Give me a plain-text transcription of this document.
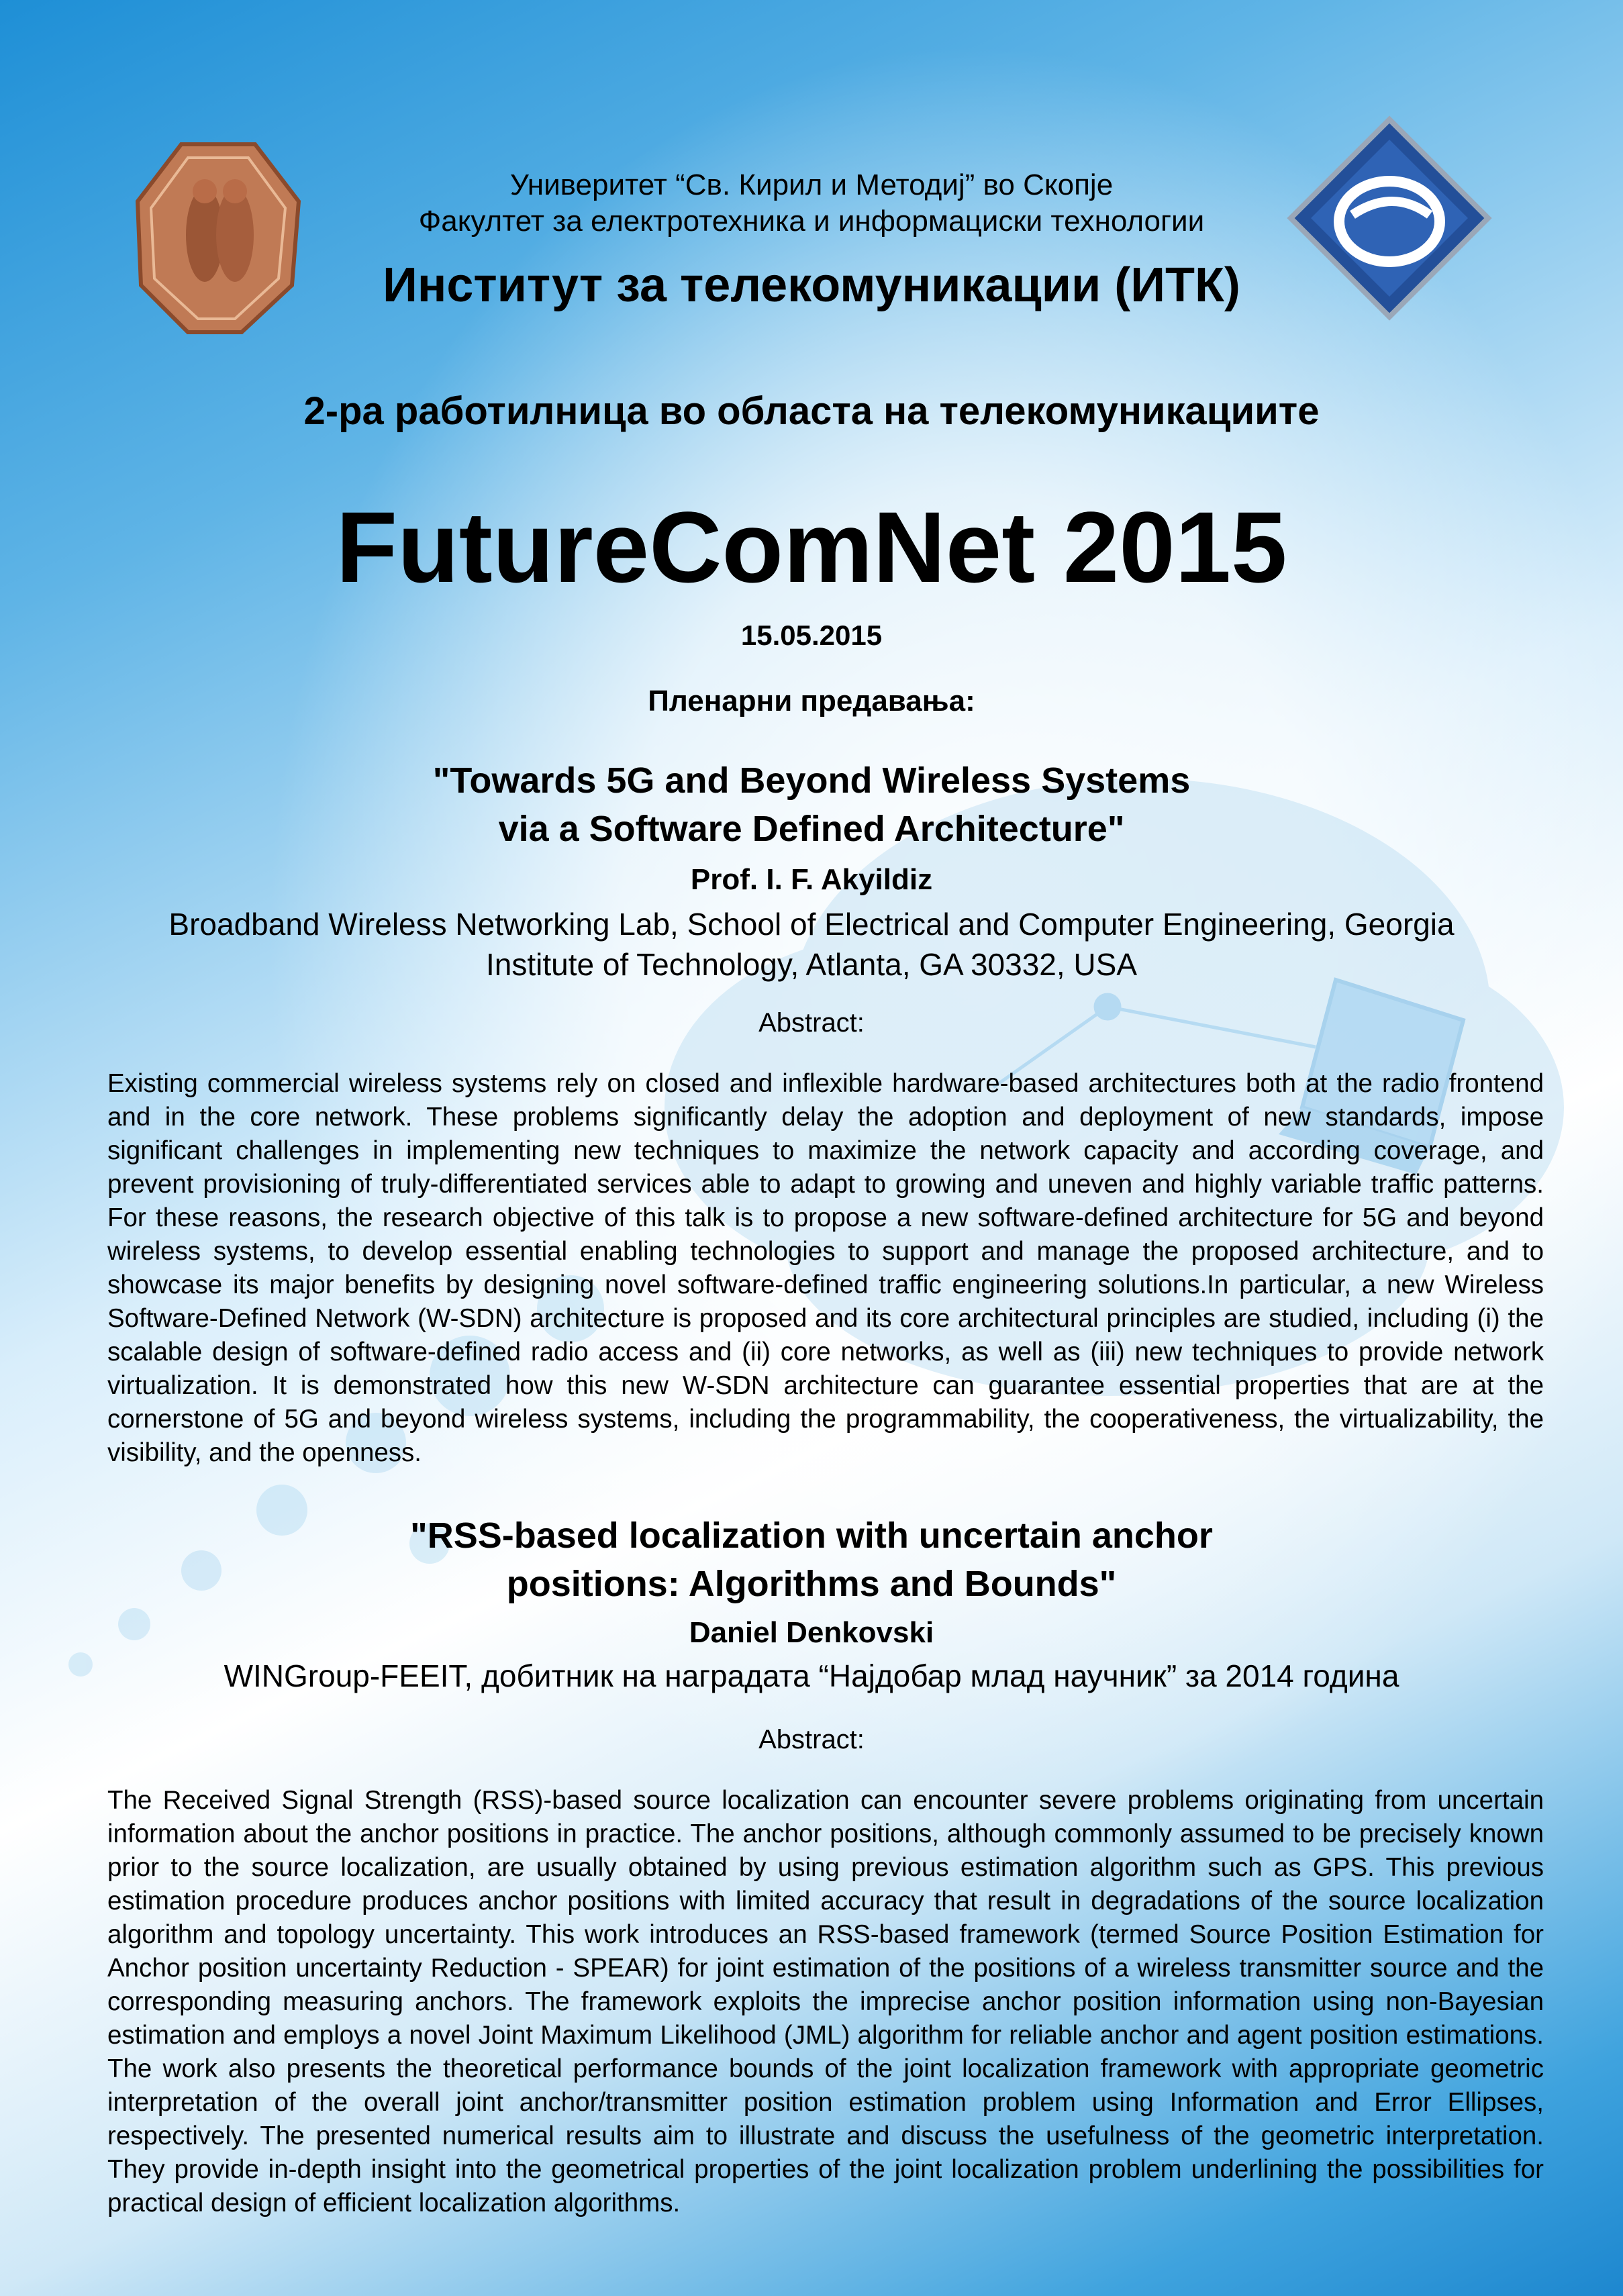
Универитет “Св. Кирил и Методиј” во Скопје
Факултет за електротехника и информациски технологии
Институт за телекомуникации (ИТК)
2-ра работилница во областа на телекомуникациите
FutureComNet 2015
15.05.2015
Пленарни предавања:
"Towards 5G and Beyond Wireless Systems
via a Software Defined Architecture"
Prof. I. F. Akyildiz
Broadband Wireless Networking Lab, School of Electrical and Computer Engineering, Georgia
Institute of Technology, Atlanta, GA 30332, USA
Abstract:
Existing commercial wireless systems rely on closed and inflexible hardware-based architectures both at the radio frontend and in the core network. These problems significantly delay the adoption and deployment of new standards, impose significant challenges in implementing new techniques to maximize the network capacity and according coverage, and prevent provisioning of truly-differentiated services able to adapt to growing and uneven and highly variable traffic patterns. For these reasons, the research objective of this talk is to propose a new software-defined architecture for 5G and beyond wireless systems, to develop essential enabling technologies to support and manage the proposed architecture, and to showcase its major benefits by designing novel software-defined traffic engineering solutions.In particular, a new Wireless Software-Defined Network (W-SDN) architecture is proposed and its core architectural principles are studied, including (i) the scalable design of software-defined radio access and (ii) core networks, as well as (iii) new techniques to provide network virtualization. It is demonstrated how this new W-SDN architecture can guarantee essential properties that are at the cornerstone of 5G and beyond wireless systems, including the programmability, the cooperativeness, the virtualizability, the visibility, and the openness.
"RSS-based localization with uncertain anchor
positions: Algorithms and Bounds"
Daniel Denkovski
WINGroup-FEEIT, добитник на наградата “Најдобар млад научник” за 2014 година
Abstract:
The Received Signal Strength (RSS)-based source localization can encounter severe problems originating from uncertain information about the anchor positions in practice. The anchor positions, although commonly assumed to be precisely known prior to the source localization, are usually obtained by using previous estimation algorithm such as GPS. This previous estimation procedure produces anchor positions with limited accuracy that result in degradations of the source localization algorithm and topology uncertainty. This work introduces an RSS-based framework (termed Source Position Estimation for Anchor position uncertainty Reduction - SPEAR) for joint estimation of the positions of a wireless transmitter source and the corresponding measuring anchors. The framework exploits the imprecise anchor position information using non-Bayesian estimation and employs a novel Joint Maximum Likelihood (JML) algorithm for reliable anchor and agent position estimations. The work also presents the theoretical performance bounds of the joint localization framework with appropriate geometric interpretation of the overall joint anchor/transmitter position estimation problem using Information and Error Ellipses, respectively. The presented numerical results aim to illustrate and discuss the usefulness of the geometric interpretation. They provide in-depth insight into the geometrical properties of the joint localization problem underlining the possibilities for practical design of efficient localization algorithms.
